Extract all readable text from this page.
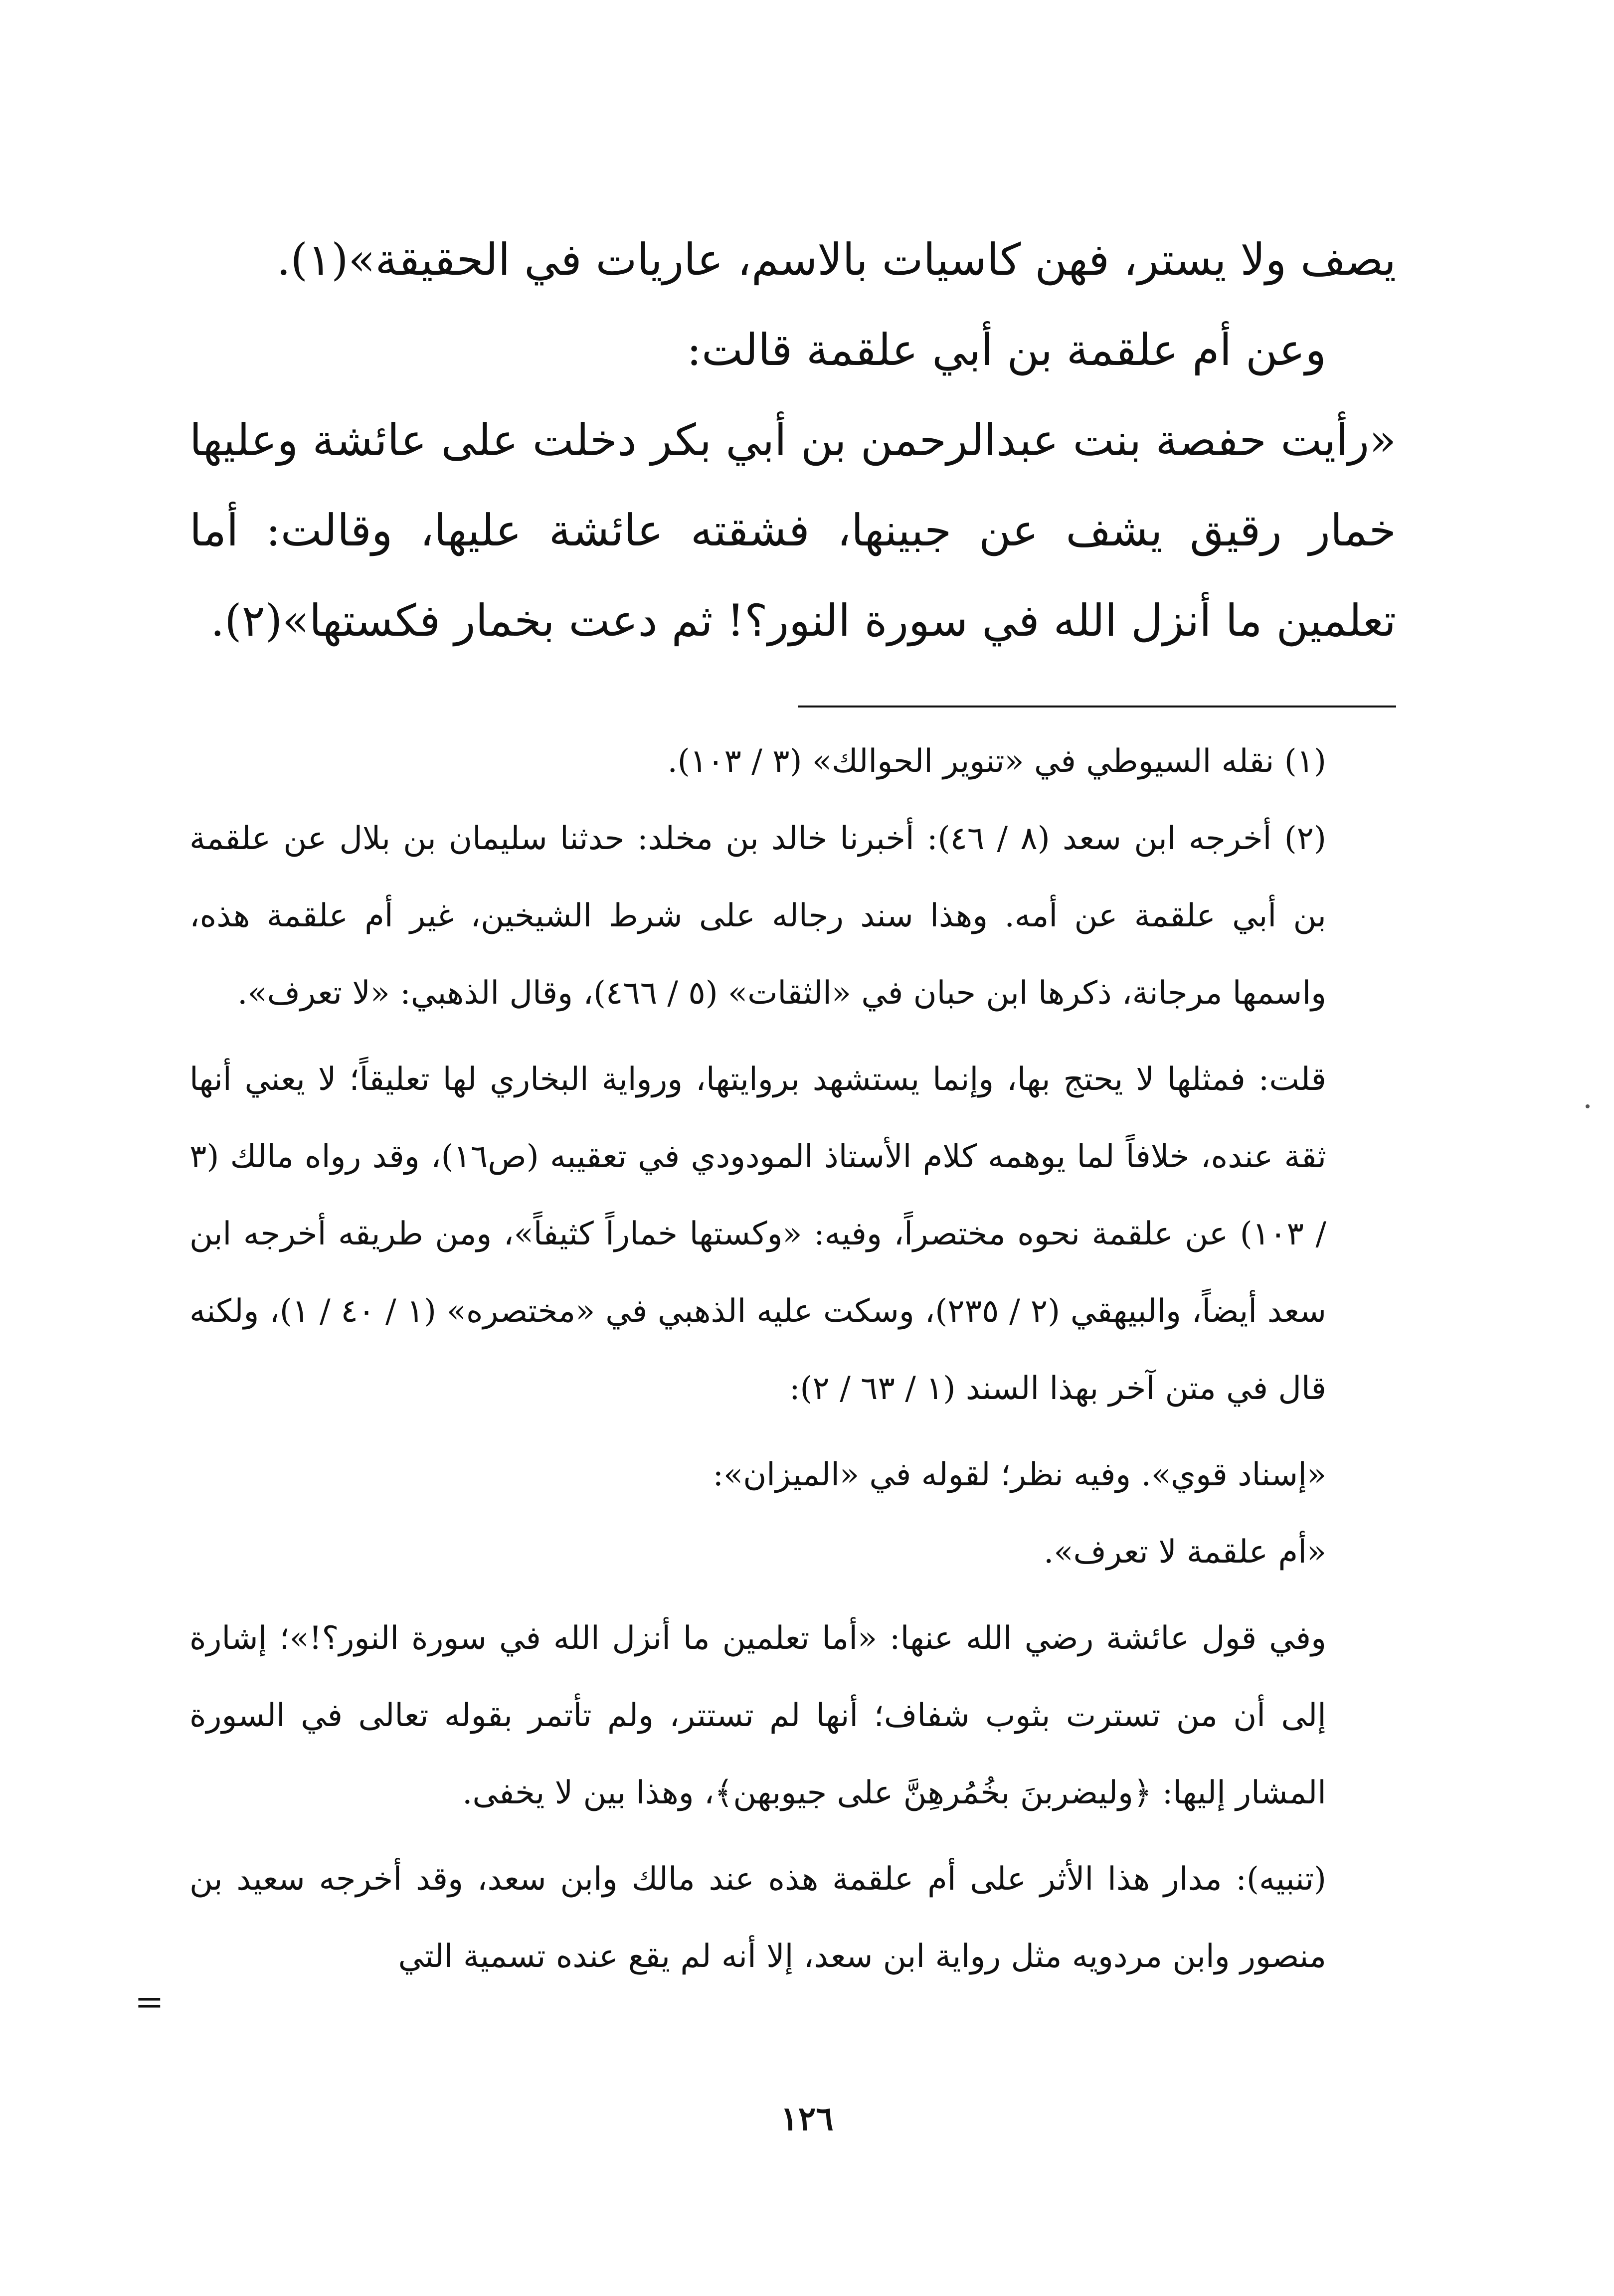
يصف ولا يستر، فهن كاسيات بالاسم، عاريات في الحقيقة»(١).

وعن أم علقمة بن أبي علقمة قالت:

«رأيت حفصة بنت عبدالرحمن بن أبي بكر دخلت على عائشة وعليها خمار رقيق يشف عن جبينها، فشقته عائشة عليها، وقالت: أما تعلمين ما أنزل الله في سورة النور؟! ثم دعت بخمار فكستها»(٢).

(١) نقله السيوطي في «تنوير الحوالك» (٣ / ١٠٣).

(٢) أخرجه ابن سعد (٨ / ٤٦): أخبرنا خالد بن مخلد: حدثنا سليمان بن بلال عن علقمة بن أبي علقمة عن أمه. وهذا سند رجاله على شرط الشيخين، غير أم علقمة هذه، واسمها مرجانة، ذكرها ابن حبان في «الثقات» (٥ / ٤٦٦)، وقال الذهبي: «لا تعرف».

قلت: فمثلها لا يحتج بها، وإنما يستشهد بروايتها، ورواية البخاري لها تعليقاً؛ لا يعني أنها ثقة عنده، خلافاً لما يوهمه كلام الأستاذ المودودي في تعقيبه (ص١٦)، وقد رواه مالك (٣ / ١٠٣) عن علقمة نحوه مختصراً، وفيه: «وكستها خماراً كثيفاً»، ومن طريقه أخرجه ابن سعد أيضاً، والبيهقي (٢ / ٢٣٥)، وسكت عليه الذهبي في «مختصره» (١ / ٤٠ / ١)، ولكنه قال في متن آخر بهذا السند (١ / ٦٣ / ٢):

«إسناد قوي». وفيه نظر؛ لقوله في «الميزان»:

«أم علقمة لا تعرف».

وفي قول عائشة رضي الله عنها: «أما تعلمين ما أنزل الله في سورة النور؟!»؛ إشارة إلى أن من تسترت بثوب شفاف؛ أنها لم تستتر، ولم تأتمر بقوله تعالى في السورة المشار إليها: ﴿وليضربنَ بخُمُرهِنَّ على جيوبهن﴾، وهذا بين لا يخفى.

(تنبيه): مدار هذا الأثر على أم علقمة هذه عند مالك وابن سعد، وقد أخرجه سعيد بن منصور وابن مردويه مثل رواية ابن سعد، إلا أنه لم يقع عنده تسمية التي

=
١٢٦
